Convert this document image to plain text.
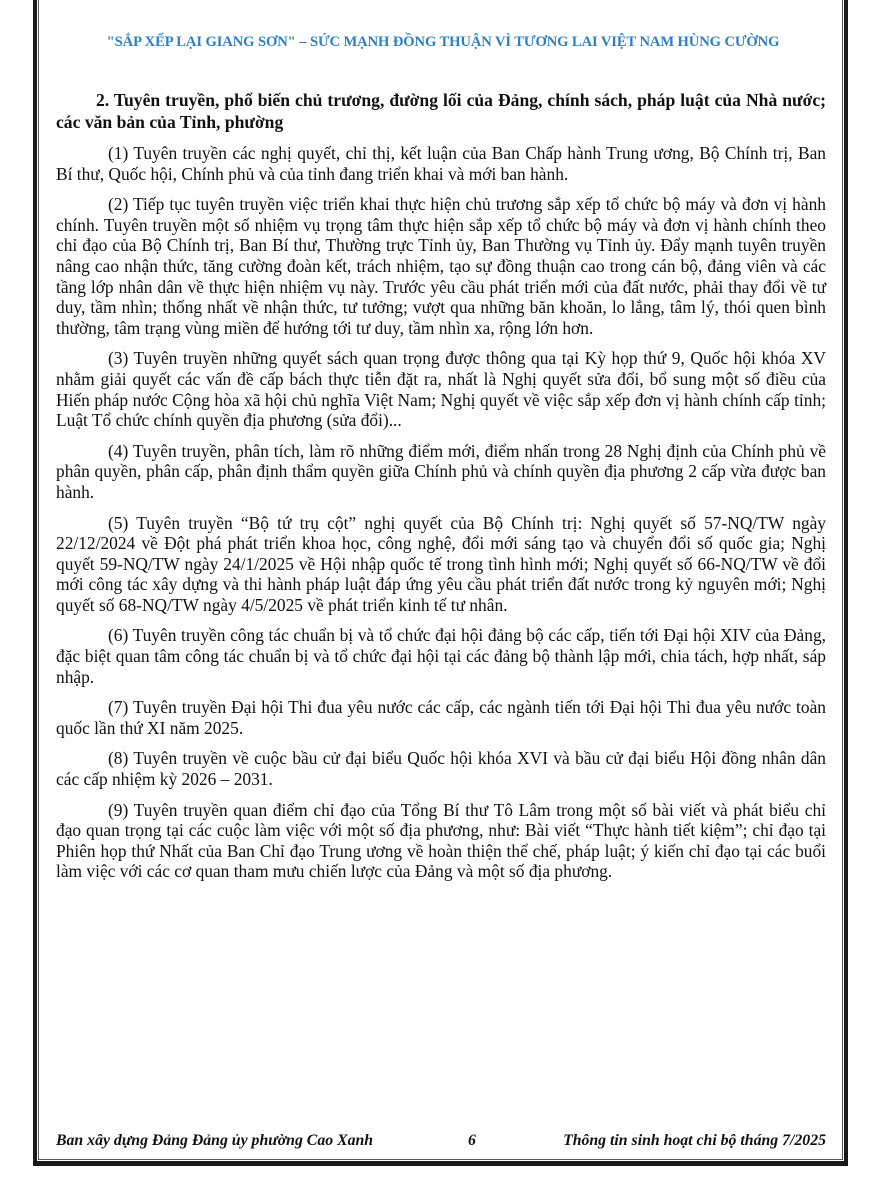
"SẮP XẾP LẠI GIANG SƠN" – SỨC MẠNH ĐỒNG THUẬN VÌ TƯƠNG LAI VIỆT NAM HÙNG CƯỜNG
2. Tuyên truyền, phổ biến chủ trương, đường lối của Đảng, chính sách, pháp luật của Nhà nước; các văn bản của Tỉnh, phường

(1) Tuyên truyền các nghị quyết, chỉ thị, kết luận của Ban Chấp hành Trung ương, Bộ Chính trị, Ban Bí thư, Quốc hội, Chính phủ và của tỉnh đang triển khai và mới ban hành.

(2) Tiếp tục tuyên truyền việc triển khai thực hiện chủ trương sắp xếp tổ chức bộ máy và đơn vị hành chính. Tuyên truyền một số nhiệm vụ trọng tâm thực hiện sắp xếp tổ chức bộ máy và đơn vị hành chính theo chỉ đạo của Bộ Chính trị, Ban Bí thư, Thường trực Tỉnh ủy, Ban Thường vụ Tỉnh ủy. Đẩy mạnh tuyên truyền nâng cao nhận thức, tăng cường đoàn kết, trách nhiệm, tạo sự đồng thuận cao trong cán bộ, đảng viên và các tầng lớp nhân dân về thực hiện nhiệm vụ này. Trước yêu cầu phát triển mới của đất nước, phải thay đổi về tư duy, tầm nhìn; thống nhất về nhận thức, tư tưởng; vượt qua những băn khoăn, lo lắng, tâm lý, thói quen bình thường, tâm trạng vùng miền để hướng tới tư duy, tầm nhìn xa, rộng lớn hơn.

(3) Tuyên truyền những quyết sách quan trọng được thông qua tại Kỳ họp thứ 9, Quốc hội khóa XV nhằm giải quyết các vấn đề cấp bách thực tiễn đặt ra, nhất là Nghị quyết sửa đổi, bổ sung một số điều của Hiến pháp nước Cộng hòa xã hội chủ nghĩa Việt Nam; Nghị quyết về việc sắp xếp đơn vị hành chính cấp tỉnh; Luật Tổ chức chính quyền địa phương (sửa đổi)...

(4) Tuyên truyền, phân tích, làm rõ những điểm mới, điểm nhấn trong 28 Nghị định của Chính phủ về phân quyền, phân cấp, phân định thẩm quyền giữa Chính phủ và chính quyền địa phương 2 cấp vừa được ban hành.

(5) Tuyên truyền “Bộ tứ trụ cột” nghị quyết của Bộ Chính trị: Nghị quyết số 57-NQ/TW ngày 22/12/2024 về Đột phá phát triển khoa học, công nghệ, đổi mới sáng tạo và chuyển đổi số quốc gia; Nghị quyết 59-NQ/TW ngày 24/1/2025 về Hội nhập quốc tế trong tình hình mới; Nghị quyết số 66-NQ/TW về đổi mới công tác xây dựng và thi hành pháp luật đáp ứng yêu cầu phát triển đất nước trong kỷ nguyên mới; Nghị quyết số 68-NQ/TW ngày 4/5/2025 về phát triển kinh tế tư nhân.

(6) Tuyên truyền công tác chuẩn bị và tổ chức đại hội đảng bộ các cấp, tiến tới Đại hội XIV của Đảng, đặc biệt quan tâm công tác chuẩn bị và tổ chức đại hội tại các đảng bộ thành lập mới, chia tách, hợp nhất, sáp nhập.

(7) Tuyên truyền Đại hội Thi đua yêu nước các cấp, các ngành tiến tới Đại hội Thi đua yêu nước toàn quốc lần thứ XI năm 2025.

(8) Tuyên truyền về cuộc bầu cử đại biểu Quốc hội khóa XVI và bầu cử đại biểu Hội đồng nhân dân các cấp nhiệm kỳ 2026 – 2031.

(9) Tuyên truyền quan điểm chỉ đạo của Tổng Bí thư Tô Lâm trong một số bài viết và phát biểu chỉ đạo quan trọng tại các cuộc làm việc với một số địa phương, như: Bài viết “Thực hành tiết kiệm”; chỉ đạo tại Phiên họp thứ Nhất của Ban Chỉ đạo Trung ương về hoàn thiện thể chế, pháp luật; ý kiến chỉ đạo tại các buổi làm việc với các cơ quan tham mưu chiến lược của Đảng và một số địa phương.

Ban xây dựng Đảng Đảng ủy phường Cao Xanh	6	Thông tin sinh hoạt chi bộ tháng 7/2025
